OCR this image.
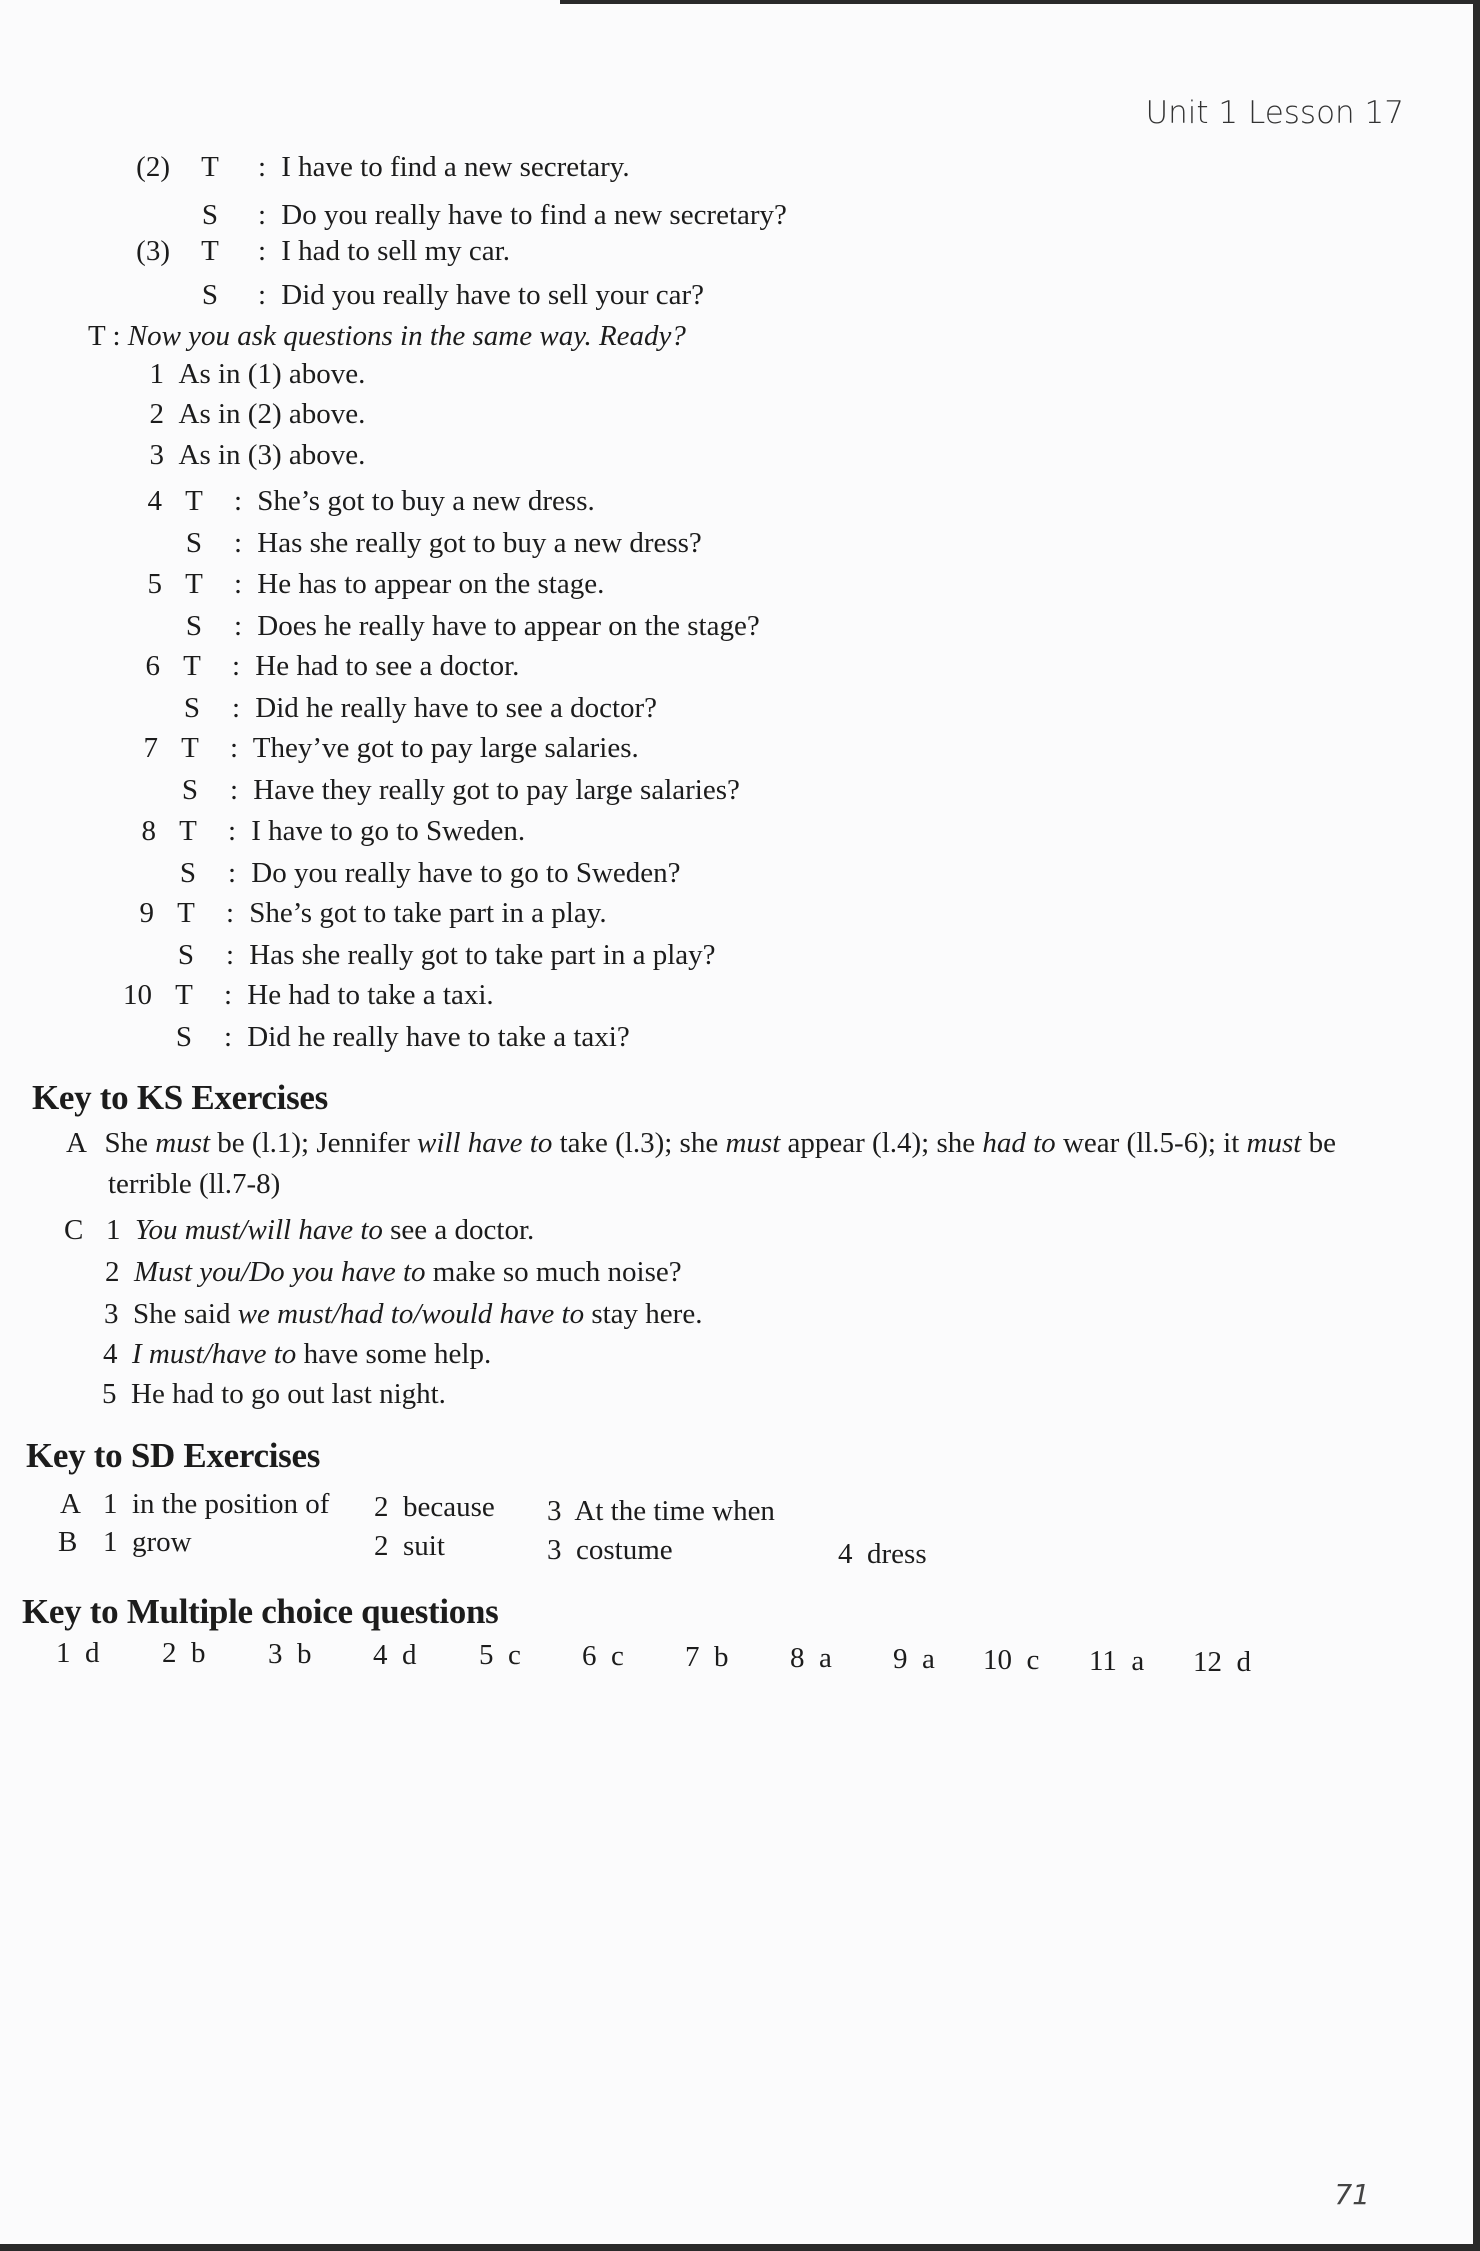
Unit 1 Lesson 17
(2) T : I have to find a new secretary.
S : Do you really have to find a new secretary?
(3) T : I had to sell my car.
S : Did you really have to sell your car?
T : Now you ask questions in the same way. Ready?
1 As in (1) above.
2 As in (2) above.
3 As in (3) above.
4 T : She’s got to buy a new dress.
S : Has she really got to buy a new dress?
5 T : He has to appear on the stage.
S : Does he really have to appear on the stage?
6 T : He had to see a doctor.
S : Did he really have to see a doctor?
7 T : They’ve got to pay large salaries.
S : Have they really got to pay large salaries?
8 T : I have to go to Sweden.
S : Do you really have to go to Sweden?
9 T : She’s got to take part in a play.
S : Has she really got to take part in a play?
10 T : He had to take a taxi.
S : Did he really have to take a taxi?
Key to KS Exercises
A She must be (l.1); Jennifer will have to take (l.3); she must appear (l.4); she had to wear (ll.5-6); it must be
terrible (ll.7-8)
C 1 You must/will have to see a doctor.
2 Must you/Do you have to make so much noise?
3 She said we must/had to/would have to stay here.
4 I must/have to have some help.
5 He had to go out last night.
Key to SD Exercises
A 1  in the position of 2  because 3  At the time when
B 1  grow	2  suit	3  costume	4  dress
Key to Multiple choice questions
1  d 2  b 3  b 4  d 5  c 6  c 7  b 8  a 9  a 10  c 11  a 12  d
71
